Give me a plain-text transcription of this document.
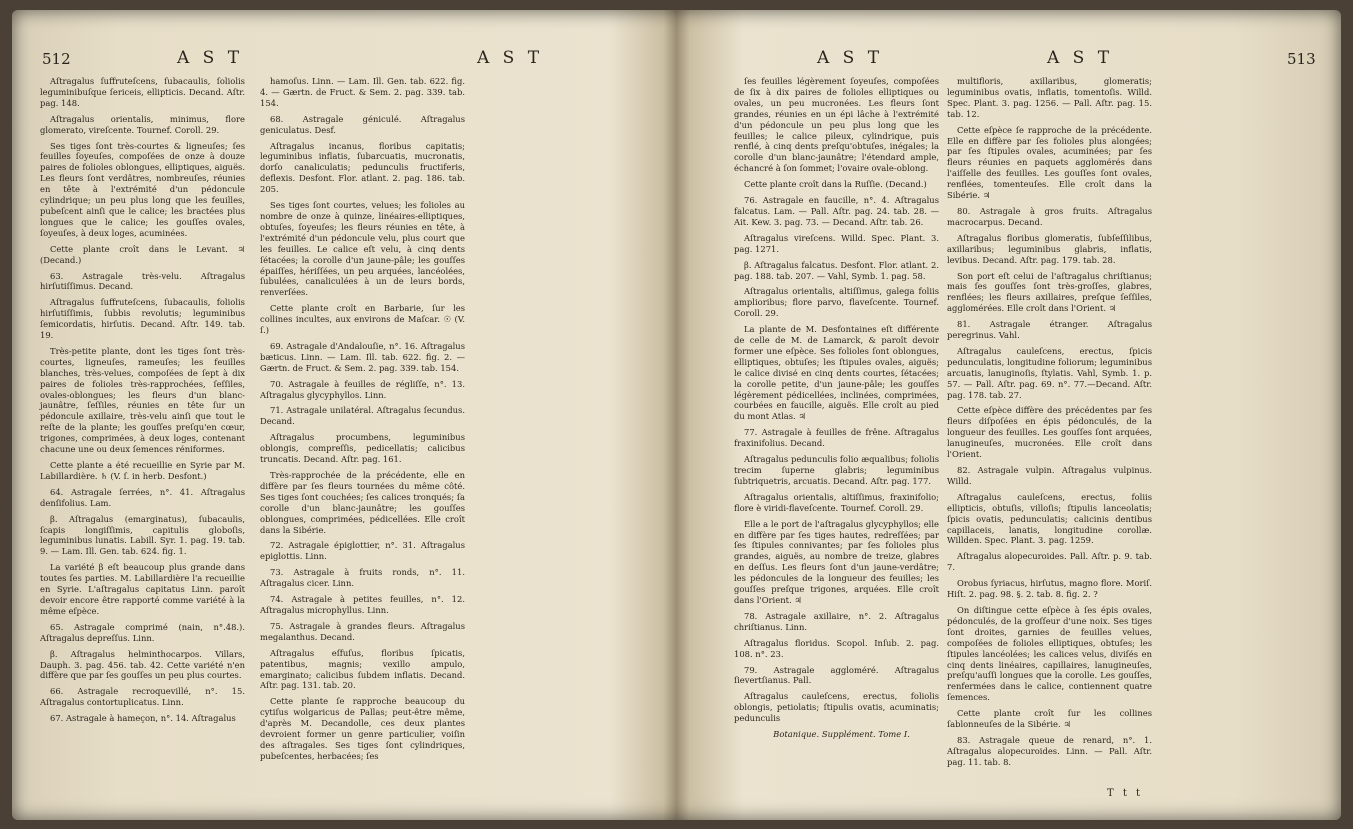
512	A S T	A S T

Aſtragalus ſuffruteſcens, ſubacaulis, ſoliolis leguminibuſque ſericeis, ellipticis. Decand. Aſtr. pag. 148.

Aſtragalus orientalis, minimus, flore glomerato, vireſcente. Tournef. Coroll. 29.

Ses tiges ſont très-courtes & ligneuſes; ſes feuilles ſoyeuſes, compoſées de onze à douze paires de folioles oblongues, elliptiques, aiguës. Les fleurs ſont verdâtres, nombreuſes, réunies en tête à l'extrémité d'un pédoncule cylindrique; un peu plus long que les feuilles, pubeſcent ainſi que le calice; les bractées plus longues que le calice; les gouſſes ovales, ſoyeuſes, à deux loges, acuminées.

Cette plante croît dans le Levant. ♃ (Decand.)

63. Astragale très-velu. Aſtragalus hirſutiſſimus. Decand.

Aſtragalus ſuffruteſcens, ſubacaulis, foliolis hirſutiſſimis, ſubbis revolutis; leguminibus ſemicordatis, hirſutis. Decand. Aſtr. 149. tab. 19.

Très-petite plante, dont les tiges ſont très-courtes, ligneuſes, rameuſes; les feuilles blanches, très-velues, compoſées de ſept à dix paires de folioles très-rapprochées, ſeſſiles, ovales-oblongues; les fleurs d'un blanc-jaunâtre, ſeſſiles, réunies en tête ſur un pédoncule axillaire, très-velu ainſi que tout le reſte de la plante; les gouſſes preſqu'en cœur, trigones, comprimées, à deux loges, contenant chacune une ou deux ſemences réniformes.

Cette plante a été recueillie en Syrie par M. Labillardière. ♄ (V. ſ. in herb. Desfont.)

64. Astragale ſerrées, n°. 41. Aſtragalus denſifolius. Lam.

β. Aſtragalus (emarginatus), ſubacaulis, ſcapis longiſſimis, capitulis globoſis, leguminibus lunatis. Labill. Syr. 1. pag. 19. tab. 9. — Lam. Ill. Gen. tab. 624. fig. 1.

La variété β eſt beaucoup plus grande dans toutes ſes parties. M. Labillardière l'a recueillie en Syrie. L'aſtragalus capitatus Linn. paroît devoir encore être rapporté comme variété à la même eſpèce.

65. Astragale comprimé (nain, n°.48.). Aſtragalus depreſſus. Linn.

β. Aſtragalus helminthocarpos. Villars, Dauph. 3. pag. 456. tab. 42. Cette variété n'en diffère que par ſes gouſſes un peu plus courtes.

66. Astragale recroquevillé, n°. 15. Aſtragalus contortuplicatus. Linn.

67. Astragale à hameçon, n°. 14. Aſtragalus

hamoſus. Linn. — Lam. Ill. Gen. tab. 622. fig. 4. — Gærtn. de Fruct. & Sem. 2. pag. 339. tab. 154.

68. Astragale géniculé. Aſtragalus geniculatus. Desf.

Aſtragalus incanus, floribus capitatis; leguminibus inflatis, ſubarcuatis, mucronatis, dorſo canaliculatis; pedunculis fructiferis, deflexis. Desfont. Flor. atlant. 2. pag. 186. tab. 205.

Ses tiges ſont courtes, velues; les folioles au nombre de onze à quinze, linéaires-elliptiques, obtuſes, ſoyeuſes; les fleurs réunies en tête, à l'extrémité d'un pédoncule velu, plus court que les feuilles. Le calice eſt velu, à cinq dents ſétacées; la corolle d'un jaune-pâle; les gouſſes épaiſſes, hériſſées, un peu arquées, lancéolées, ſubulées, canaliculées à un de leurs bords, renverſées.

Cette plante croît en Barbarie, ſur les collines incultes, aux environs de Maſcar. ☉ (V. ſ.)

69. Astragale d'Andalouſie, n°. 16. Aſtragalus bæticus. Linn. — Lam. Ill. tab. 622. fig. 2. — Gærtn. de Fruct. & Sem. 2. pag. 339. tab. 154.

70. Astragale à feuilles de régliſſe, n°. 13. Aſtragalus glycyphyllos. Linn.

71. Astragale unilatéral. Aſtragalus ſecundus. Decand.

Aſtragalus procumbens, leguminibus oblongis, compreſſis, pedicellatis; calicibus truncatis. Decand. Aſtr. pag. 161.

Très-rapprochée de la précédente, elle en diffère par ſes fleurs tournées du même côté. Ses tiges ſont couchées; ſes calices tronqués; ſa corolle d'un blanc-jaunâtre; les gouſſes oblongues, comprimées, pédicellées. Elle croît dans la Sibérie.

72. Astragale épiglottier, n°. 31. Aſtragalus epiglottis. Linn.

73. Astragale à fruits ronds, n°. 11. Aſtragalus cicer. Linn.

74. Astragale à petites feuilles, n°. 12. Aſtragalus microphyllus. Linn.

75. Astragale à grandes fleurs. Aſtragalus megalanthus. Decand.

Aſtragalus eſfuſus, floribus ſpicatis, patentibus, magnis; vexillo ampulo, emarginato; calicibus ſubdem inflatis. Decand. Aſtr. pag. 131. tab. 20.

Cette plante ſe rapproche beaucoup du cytiſus wolgaricus de Pallas; peut-être même, d'après M. Decandolle, ces deux plantes devroient former un genre particulier, voiſin des aſtragales. Ses tiges ſont cylindriques, pubeſcentes, herbacées; ſes

A S T	A S T	513

ſes feuilles légèrement ſoyeuſes, compoſées de ſix à dix paires de folioles elliptiques ou ovales, un peu mucronées. Les fleurs ſont grandes, réunies en un épi lâche à l'extrémité d'un pédoncule un peu plus long que les feuilles; le calice pileux, cylindrique, puis renflé, à cinq dents preſqu'obtuſes, inégales; la corolle d'un blanc-jaunâtre; l'étendard ample, échancré à ſon ſommet; l'ovaire ovale-oblong.

Cette plante croît dans la Ruſſie. (Decand.)

76. Astragale en faucille, n°. 4. Aſtragalus falcatus. Lam. — Pall. Aſtr. pag. 24. tab. 28. — Ait. Kew. 3. pag. 73. — Decand. Aſtr. tab. 26.

Aſtragalus vireſcens. Willd. Spec. Plant. 3. pag. 1271.

β. Aſtragalus falcatus. Desfont. Flor. atlant. 2. pag. 188. tab. 207. — Vahl, Symb. 1. pag. 58.

Aſtragalus orientalis, altiſſimus, galega foliis amplioribus; flore parvo, flaveſcente. Tournef. Coroll. 29.

La plante de M. Desfontaines eſt différente de celle de M. de Lamarck, & paroît devoir former une eſpèce. Ses folioles ſont oblongues, elliptiques, obtuſes; les ſtipules ovales, aiguës; le calice divisé en cinq dents courtes, ſétacées; la corolle petite, d'un jaune-pâle; les gouſſes légèrement pédicellées, inclinées, comprimées, courbées en faucille, aiguës. Elle croît au pied du mont Atlas. ♃

77. Astragale à feuilles de frêne. Aſtragalus fraxinifolius. Decand.

Aſtragalus pedunculis folio æqualibus; foliolis trecim ſuperne glabris; leguminibus ſubtriquetris, arcuatis. Decand. Aſtr. pag. 177.

Aſtragalus orientalis, altiſſimus, fraxinifolio; flore è viridi-flaveſcente. Tournef. Coroll. 29.

Elle a le port de l'aſtragalus glycyphyllos; elle en diffère par ſes tiges hautes, redreſſées; par ſes ſtipules connivantes; par ſes folioles plus grandes, aiguës, au nombre de treize, glabres en deſſus. Les fleurs ſont d'un jaune-verdâtre; les pédoncules de la longueur des feuilles; les gouſſes preſque trigones, arquées. Elle croît dans l'Orient. ♃

78. Astragale axillaire, n°. 2. Aſtragalus chriſtianus. Linn.

Aſtragalus floridus. Scopol. Inſub. 2. pag. 108. n°. 23.

79. Astragale aggloméré. Aſtragalus ſievertſianus. Pall.

Aſtragalus cauleſcens, erectus, foliolis oblongis, petiolatis; ſtipulis ovatis, acuminatis; pedunculis

Botanique. Supplément. Tome I.

multifloris, axillaribus, glomeratis; leguminibus ovatis, inflatis, tomentoſis. Willd. Spec. Plant. 3. pag. 1256. — Pall. Aſtr. pag. 15. tab. 12.

Cette eſpèce ſe rapproche de la précédente. Elle en diffère par ſes folioles plus alongées; par ſes ſtipules ovales, acuminées; par ſes fleurs réunies en paquets agglomérés dans l'aiſſelle des feuilles. Les gouſſes ſont ovales, renflées, tomenteuſes. Elle croît dans la Sibérie. ♃

80. Astragale à gros fruits. Aſtragalus macrocarpus. Decand.

Aſtragalus floribus glomeratis, ſubſeſſilibus, axillaribus; leguminibus glabris, inflatis, levibus. Decand. Aſtr. pag. 179. tab. 28.

Son port eſt celui de l'aſtragalus chriſtianus; mais ſes gouſſes ſont très-groſſes, glabres, renflées; les fleurs axillaires, preſque ſeſſiles, agglomérées. Elle croît dans l'Orient. ♃

81. Astragale étranger. Aſtragalus peregrinus. Vahl.

Aſtragalus cauleſcens, erectus, ſpicis pedunculatis, longitudine foliorum; leguminibus arcuatis, lanuginoſis, ſtylatis. Vahl, Symb. 1. p. 57. — Pall. Aſtr. pag. 69. n°. 77.—Decand. Aſtr. pag. 178. tab. 27.

Cette eſpèce diffère des précédentes par ſes fleurs diſpoſées en épis pédonculés, de la longueur des feuilles. Les gouſſes ſont arquées, lanugineuſes, mucronées. Elle croît dans l'Orient.

82. Astragale vulpin. Aſtragalus vulpinus. Willd.

Aſtragalus cauleſcens, erectus, foliis ellipticis, obtuſis, villoſis; ſtipulis lanceolatis; ſpicis ovatis, pedunculatis; calicinis dentibus capillaceis, lanatis, longitudine corollæ. Willden. Spec. Plant. 3. pag. 1259.

Aſtragalus alopecuroides. Pall. Aſtr. p. 9. tab. 7.

Orobus ſyriacus, hirſutus, magno flore. Moriſ. Hiſt. 2. pag. 98. §. 2. tab. 8. fig. 2. ?

On diſtingue cette eſpèce à ſes épis ovales, pédonculés, de la groſſeur d'une noix. Ses tiges ſont droites, garnies de feuilles velues, compoſées de folioles elliptiques, obtuſes; les ſtipules lancéolées; les calices velus, diviſés en cinq dents linéaires, capillaires, lanugineuſes, preſqu'auſſi longues que la corolle. Les gouſſes, renfermées dans le calice, contiennent quatre ſemences.

Cette plante croît ſur les collines ſablonneuſes de la Sibérie. ♃

83. Astragale queue de renard, n°. 1. Aſtragalus alopecuroides. Linn. — Pall. Aſtr. pag. 11. tab. 8.

T t t
